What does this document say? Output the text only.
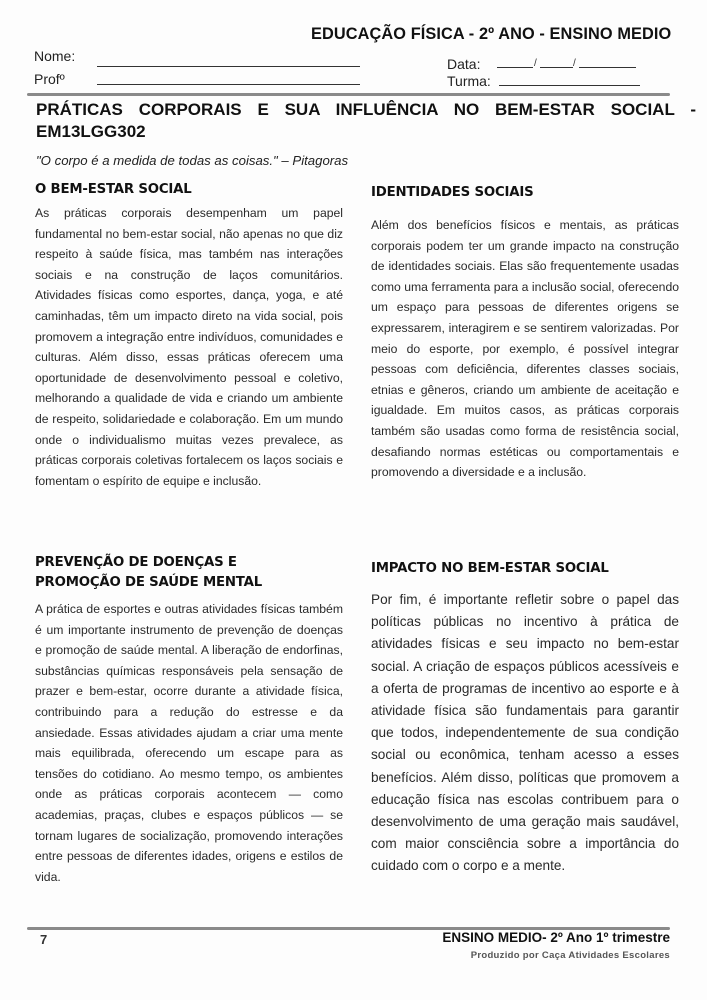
EDUCAÇÃO FÍSICA - 2º ANO - ENSINO MEDIO
Nome:
Profº
Data:	/	/
Turma:
PRÁTICAS CORPORAIS E SUA INFLUÊNCIA NO BEM-ESTAR SOCIAL -
EM13LGG302
"O corpo é a medida de todas as coisas." – Pitagoras
O BEM-ESTAR SOCIAL

As práticas corporais desempenham um papel fundamental no bem-estar social, não apenas no que diz respeito à saúde física, mas também nas interações sociais e na construção de laços comunitários. Atividades físicas como esportes, dança, yoga, e até caminhadas, têm um impacto direto na vida social, pois promovem a integração entre indivíduos, comunidades e culturas. Além disso, essas práticas oferecem uma oportunidade de desenvolvimento pessoal e coletivo, melhorando a qualidade de vida e criando um ambiente de respeito, solidariedade e colaboração. Em um mundo onde o individualismo muitas vezes prevalece, as práticas corporais coletivas fortalecem os laços sociais e fomentam o espírito de equipe e inclusão.

PREVENÇÃO DE DOENÇAS E
PROMOÇÃO DE SAÚDE MENTAL

A prática de esportes e outras atividades físicas também é um importante instrumento de prevenção de doenças e promoção de saúde mental. A liberação de endorfinas, substâncias químicas responsáveis pela sensação de prazer e bem-estar, ocorre durante a atividade física, contribuindo para a redução do estresse e da ansiedade. Essas atividades ajudam a criar uma mente mais equilibrada, oferecendo um escape para as tensões do cotidiano. Ao mesmo tempo, os ambientes onde as práticas corporais acontecem — como academias, praças, clubes e espaços públicos — se tornam lugares de socialização, promovendo interações entre pessoas de diferentes idades, origens e estilos de vida.

IDENTIDADES SOCIAIS

Além dos benefícios físicos e mentais, as práticas corporais podem ter um grande impacto na construção de identidades sociais. Elas são frequentemente usadas como uma ferramenta para a inclusão social, oferecendo um espaço para pessoas de diferentes origens se expressarem, interagirem e se sentirem valorizadas. Por meio do esporte, por exemplo, é possível integrar pessoas com deficiência, diferentes classes sociais, etnias e gêneros, criando um ambiente de aceitação e igualdade. Em muitos casos, as práticas corporais também são usadas como forma de resistência social, desafiando normas estéticas ou comportamentais e promovendo a diversidade e a inclusão.

IMPACTO NO BEM-ESTAR SOCIAL

Por fim, é importante refletir sobre o papel das políticas públicas no incentivo à prática de atividades físicas e seu impacto no bem-estar social. A criação de espaços públicos acessíveis e a oferta de programas de incentivo ao esporte e à atividade física são fundamentais para garantir que todos, independentemente de sua condição social ou econômica, tenham acesso a esses benefícios. Além disso, políticas que promovem a educação física nas escolas contribuem para o desenvolvimento de uma geração mais saudável, com maior consciência sobre a importância do cuidado com o corpo e a mente.

7	ENSINO MEDIO- 2º Ano 1º trimestre
Produzido por Caça Atividades Escolares
